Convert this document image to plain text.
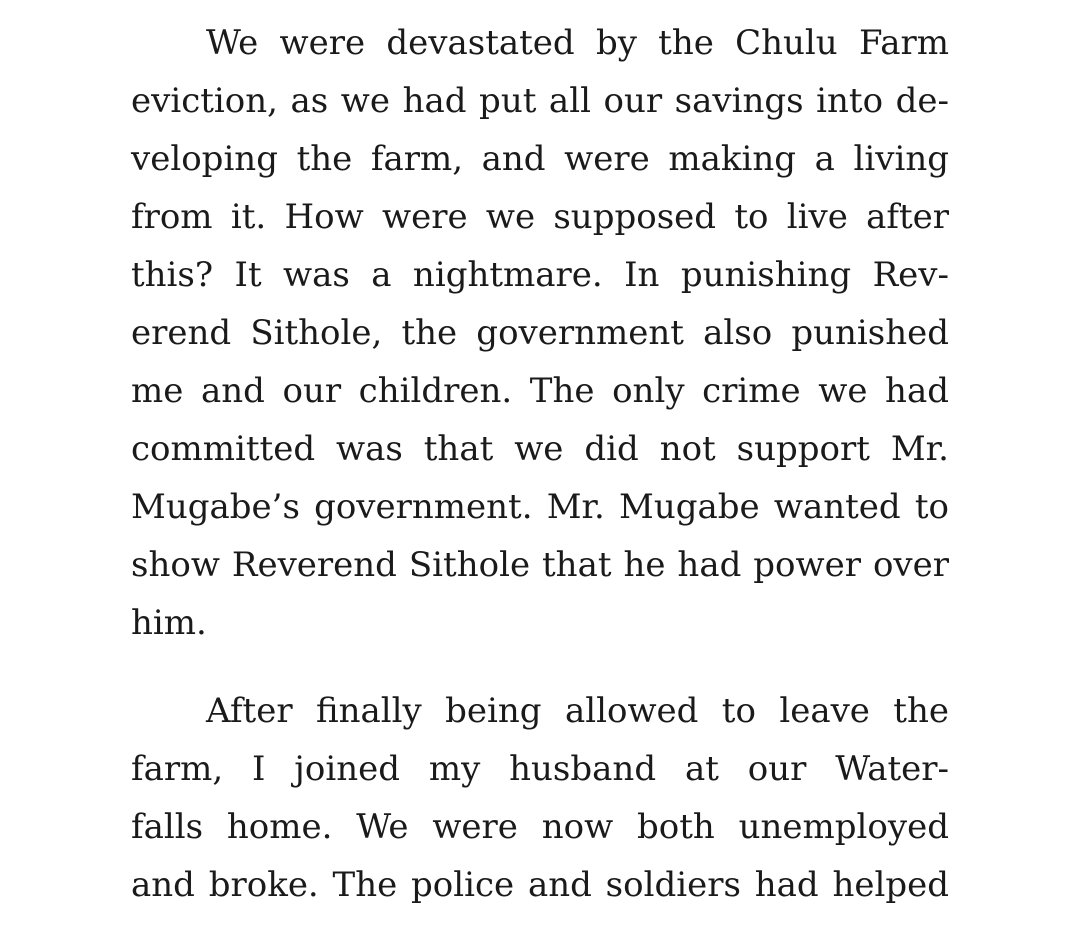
We were devastated by the Chulu Farm
eviction, as we had put all our savings into de-
veloping the farm, and were making a living
from it. How were we supposed to live after
this? It was a nightmare. In punishing Rev-
erend Sithole, the government also punished
me and our children. The only crime we had
committed was that we did not support Mr.
Mugabe’s government. Mr. Mugabe wanted to
show Reverend Sithole that he had power over
him.
After finally being allowed to leave the
farm, I joined my husband at our Water-
falls home. We were now both unemployed
and broke. The police and soldiers had helped
